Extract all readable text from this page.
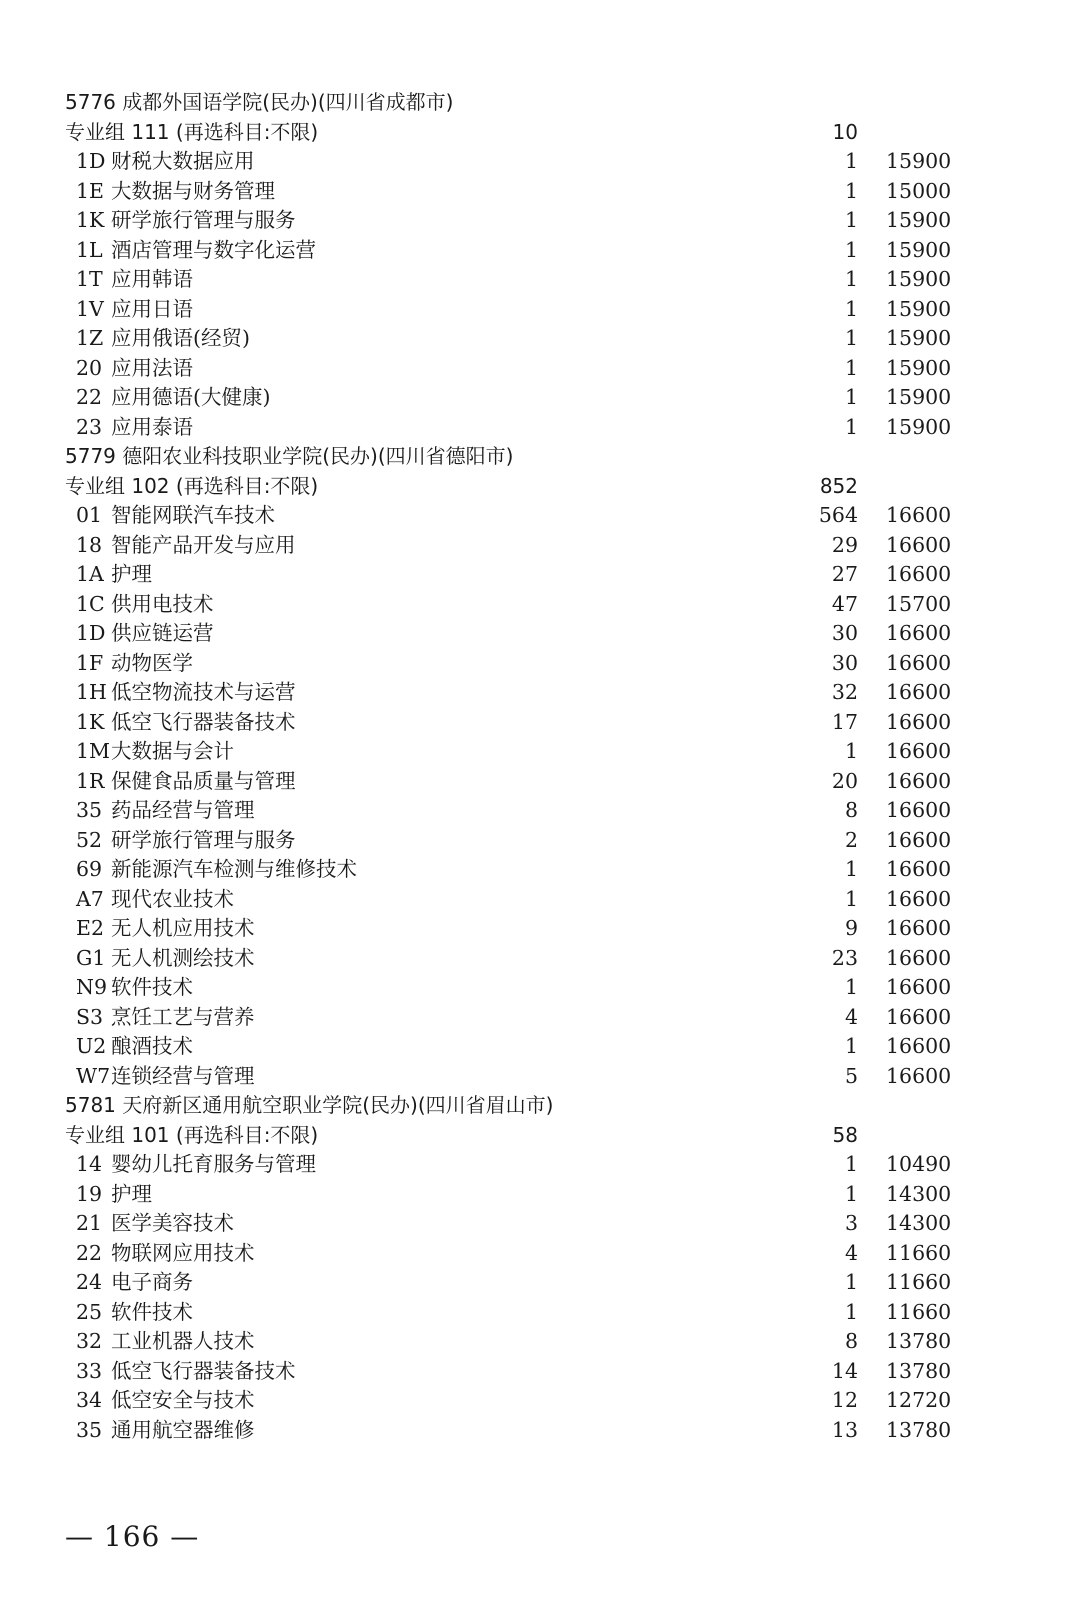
5776 成都外国语学院(民办)(四川省成都市)
专业组 111 (再选科目:不限)	10
1D 财税大数据应用	1 15900
1E 大数据与财务管理	1 15000
1K 研学旅行管理与服务	1 15900
1L 酒店管理与数字化运营	1 15900
1T 应用韩语	1 15900
1V 应用日语	1 15900
1Z 应用俄语(经贸)	1 15900
20 应用法语	1 15900
22 应用德语(大健康)	1 15900
23 应用泰语	1 15900
5779 德阳农业科技职业学院(民办)(四川省德阳市)
专业组 102 (再选科目:不限)	852
01 智能网联汽车技术	564 16600
18 智能产品开发与应用	29 16600
1A 护理	27 16600
1C 供用电技术	47 15700
1D 供应链运营	30 16600
1F 动物医学	30 16600
1H 低空物流技术与运营	32 16600
1K 低空飞行器装备技术	17 16600
1M 大数据与会计	1 16600
1R 保健食品质量与管理	20 16600
35 药品经营与管理	8 16600
52 研学旅行管理与服务	2 16600
69 新能源汽车检测与维修技术	1 16600
A7 现代农业技术	1 16600
E2 无人机应用技术	9 16600
G1 无人机测绘技术	23 16600
N9 软件技术	1 16600
S3 烹饪工艺与营养	4 16600
U2 酿酒技术	1 16600
W7 连锁经营与管理	5 16600
5781 天府新区通用航空职业学院(民办)(四川省眉山市)
专业组 101 (再选科目:不限)	58
14 婴幼儿托育服务与管理	1 10490
19 护理	1 14300
21 医学美容技术	3 14300
22 物联网应用技术	4 11660
24 电子商务	1 11660
25 软件技术	1 11660
32 工业机器人技术	8 13780
33 低空飞行器装备技术	14 13780
34 低空安全与技术	12 12720
35 通用航空器维修	13 13780
— 166 —
